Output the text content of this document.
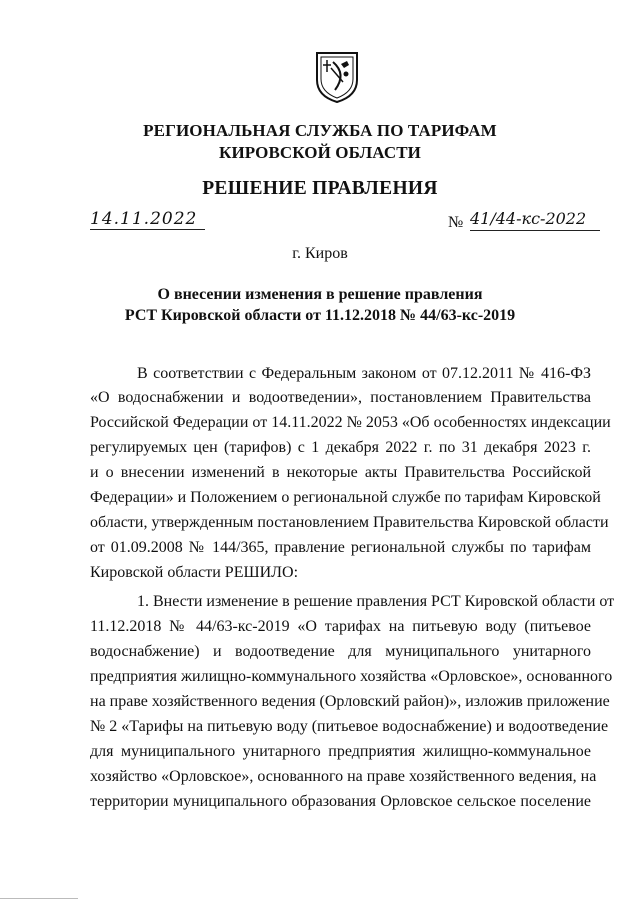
РЕГИОНАЛЬНАЯ СЛУЖБА ПО ТАРИФАМ
КИРОВСКОЙ ОБЛАСТИ
РЕШЕНИЕ ПРАВЛЕНИЯ
14.11.2022	№ 41/44-кс-2022
г. Киров
О внесении изменения в решение правления
РСТ Кировской области от 11.12.2018 № 44/63-кс-2019
В соответствии с Федеральным законом от 07.12.2011 № 416-ФЗ
«О водоснабжении и водоотведении», постановлением Правительства
Российской Федерации от 14.11.2022 № 2053 «Об особенностях индексации
регулируемых цен (тарифов) с 1 декабря 2022 г. по 31 декабря 2023 г.
и о внесении изменений в некоторые акты Правительства Российской
Федерации» и Положением о региональной службе по тарифам Кировской
области, утвержденным постановлением Правительства Кировской области
от 01.09.2008 № 144/365, правление региональной службы по тарифам
Кировской области РЕШИЛО:
1. Внести изменение в решение правления РСТ Кировской области от
11.12.2018 № 44/63-кс-2019 «О тарифах на питьевую воду (питьевое
водоснабжение) и водоотведение для муниципального унитарного
предприятия жилищно-коммунального хозяйства «Орловское», основанного
на праве хозяйственного ведения (Орловский район)», изложив приложение
№ 2 «Тарифы на питьевую воду (питьевое водоснабжение) и водоотведение
для муниципального унитарного предприятия жилищно-коммунальное
хозяйство «Орловское», основанного на праве хозяйственного ведения, на
территории муниципального образования Орловское сельское поселение
